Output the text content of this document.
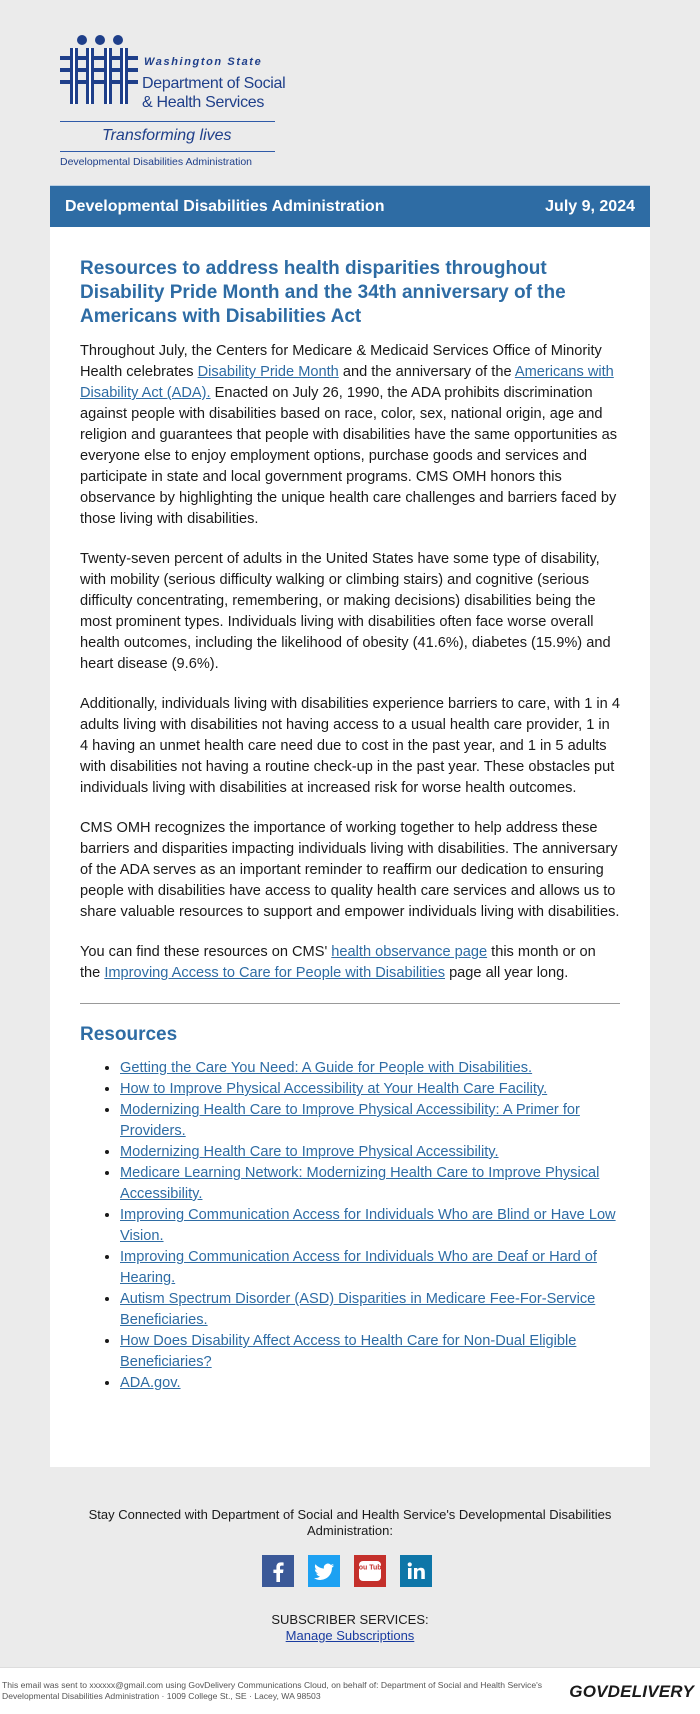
Washington State
Department of Social
& Health Services
Transforming lives
Developmental Disabilities Administration
Developmental Disabilities Administration	July 9, 2024
Resources to address health disparities throughout Disability Pride Month and the 34th anniversary of the Americans with Disabilities Act

Throughout July, the Centers for Medicare & Medicaid Services Office of Minority Health celebrates Disability Pride Month and the anniversary of the Americans with Disability Act (ADA). Enacted on July 26, 1990, the ADA prohibits discrimination against people with disabilities based on race, color, sex, national origin, age and religion and guarantees that people with disabilities have the same opportunities as everyone else to enjoy employment options, purchase goods and services and participate in state and local government programs. CMS OMH honors this observance by highlighting the unique health care challenges and barriers faced by those living with disabilities.

Twenty-seven percent of adults in the United States have some type of disability, with mobility (serious difficulty walking or climbing stairs) and cognitive (serious difficulty concentrating, remembering, or making decisions) disabilities being the most prominent types. Individuals living with disabilities often face worse overall health outcomes, including the likelihood of obesity (41.6%), diabetes (15.9%) and heart disease (9.6%).

Additionally, individuals living with disabilities experience barriers to care, with 1 in 4 adults living with disabilities not having access to a usual health care provider, 1 in 4 having an unmet health care need due to cost in the past year, and 1 in 5 adults with disabilities not having a routine check-up in the past year. These obstacles put individuals living with disabilities at increased risk for worse health outcomes.

CMS OMH recognizes the importance of working together to help address these barriers and disparities impacting individuals living with disabilities. The anniversary of the ADA serves as an important reminder to reaffirm our dedication to ensuring people with disabilities have access to quality health care services and allows us to share valuable resources to support and empower individuals living with disabilities.

You can find these resources on CMS' health observance page this month or on the Improving Access to Care for People with Disabilities page all year long.

Resources
• Getting the Care You Need: A Guide for People with Disabilities.
• How to Improve Physical Accessibility at Your Health Care Facility.
• Modernizing Health Care to Improve Physical Accessibility: A Primer for Providers.
• Modernizing Health Care to Improve Physical Accessibility.
• Medicare Learning Network: Modernizing Health Care to Improve Physical Accessibility.
• Improving Communication Access for Individuals Who are Blind or Have Low Vision.
• Improving Communication Access for Individuals Who are Deaf or Hard of Hearing.
• Autism Spectrum Disorder (ASD) Disparities in Medicare Fee-For-Service Beneficiaries.
• How Does Disability Affect Access to Health Care for Non-Dual Eligible Beneficiaries?
• ADA.gov.
Stay Connected with Department of Social and Health Service's Developmental Disabilities Administration:
You Tube
SUBSCRIBER SERVICES:
Manage Subscriptions
This email was sent to xxxxxx@gmail.com using GovDelivery Communications Cloud, on behalf of: Department of Social and Health Service's Developmental Disabilities Administration · 1009 College St., SE · Lacey, WA 98503	GOVDELIVERY
